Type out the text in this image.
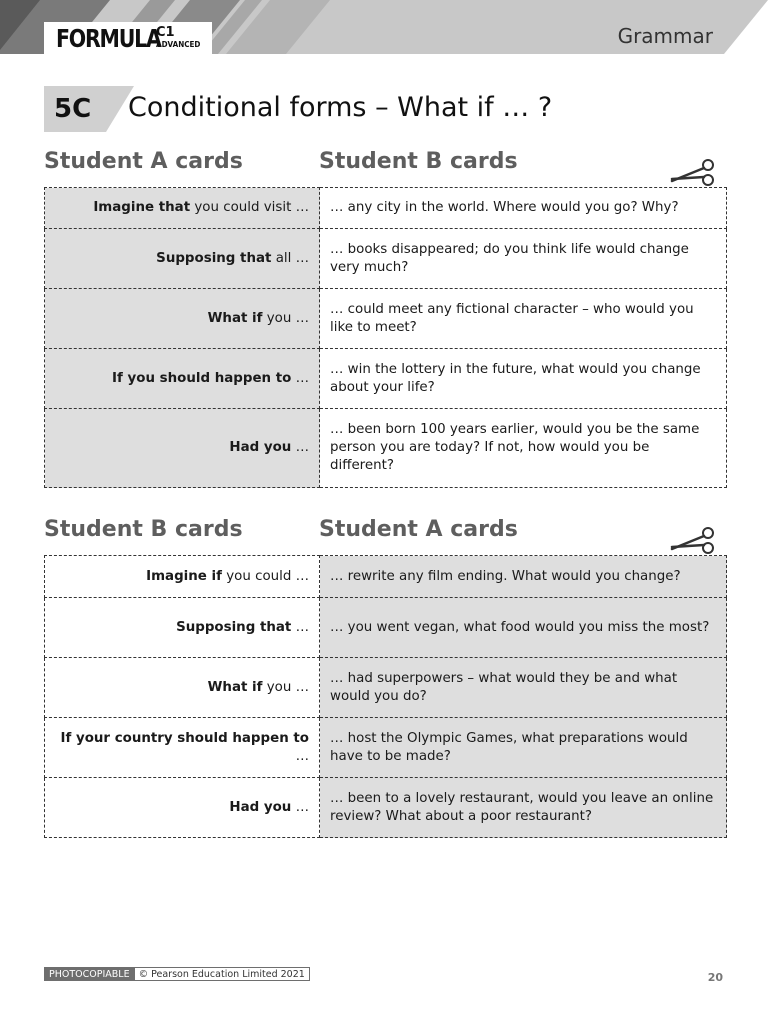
FORMULA
C1
ADVANCED	Grammar
5C Conditional forms – What if … ?
Student A cards	Student B cards
Imagine that you could visit …	… any city in the world. Where would you go? Why?
Supposing that all …	… books disappeared; do you think life would change very much?
What if you …	… could meet any fictional character – who would you like to meet?
If you should happen to …	… win the lottery in the future, what would you change about your life?
Had you …	… been born 100 years earlier, would you be the same person you are today? If not, how would you be different?
Student B cards	Student A cards
Imagine if you could …	… rewrite any film ending. What would you change?
Supposing that …	… you went vegan, what food would you miss the most?
What if you …	… had superpowers – what would they be and what would you do?
If your country should happen to …	… host the Olympic Games, what preparations would have to be made?
Had you …	… been to a lovely restaurant, would you leave an online review? What about a poor restaurant?
PHOTOCOPIABLE © Pearson Education Limited 2021	20
